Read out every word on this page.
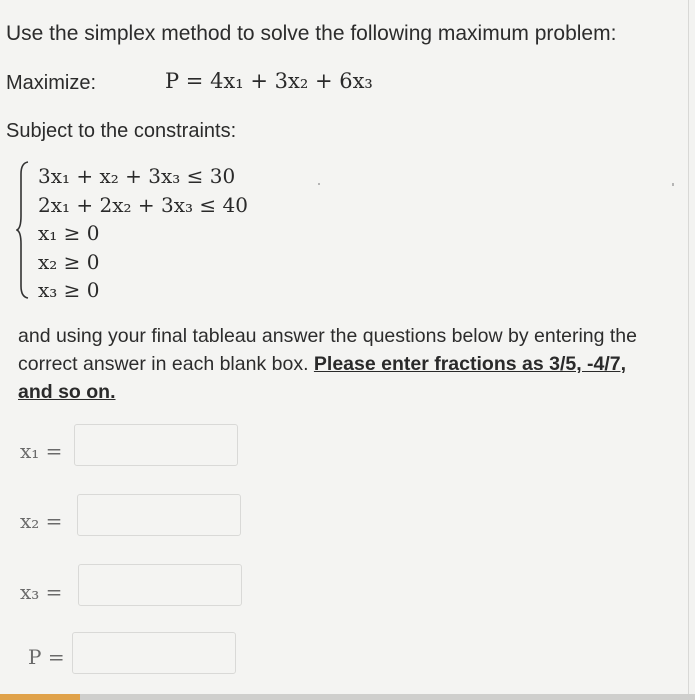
Use the simplex method to solve the following maximum problem:
Maximize:	P = 4x₁ + 3x₂ + 6x₃
Subject to the constraints:
3x₁ + x₂ + 3x₃ ≤ 30
2x₁ + 2x₂ + 3x₃ ≤ 40
x₁ ≥ 0
x₂ ≥ 0
x₃ ≥ 0
and using your final tableau answer the questions below by entering the correct answer in each blank box. Please enter fractions as 3/5, -4/7, and so on.
x₁ =
x₂ =
x₃ =
P =
